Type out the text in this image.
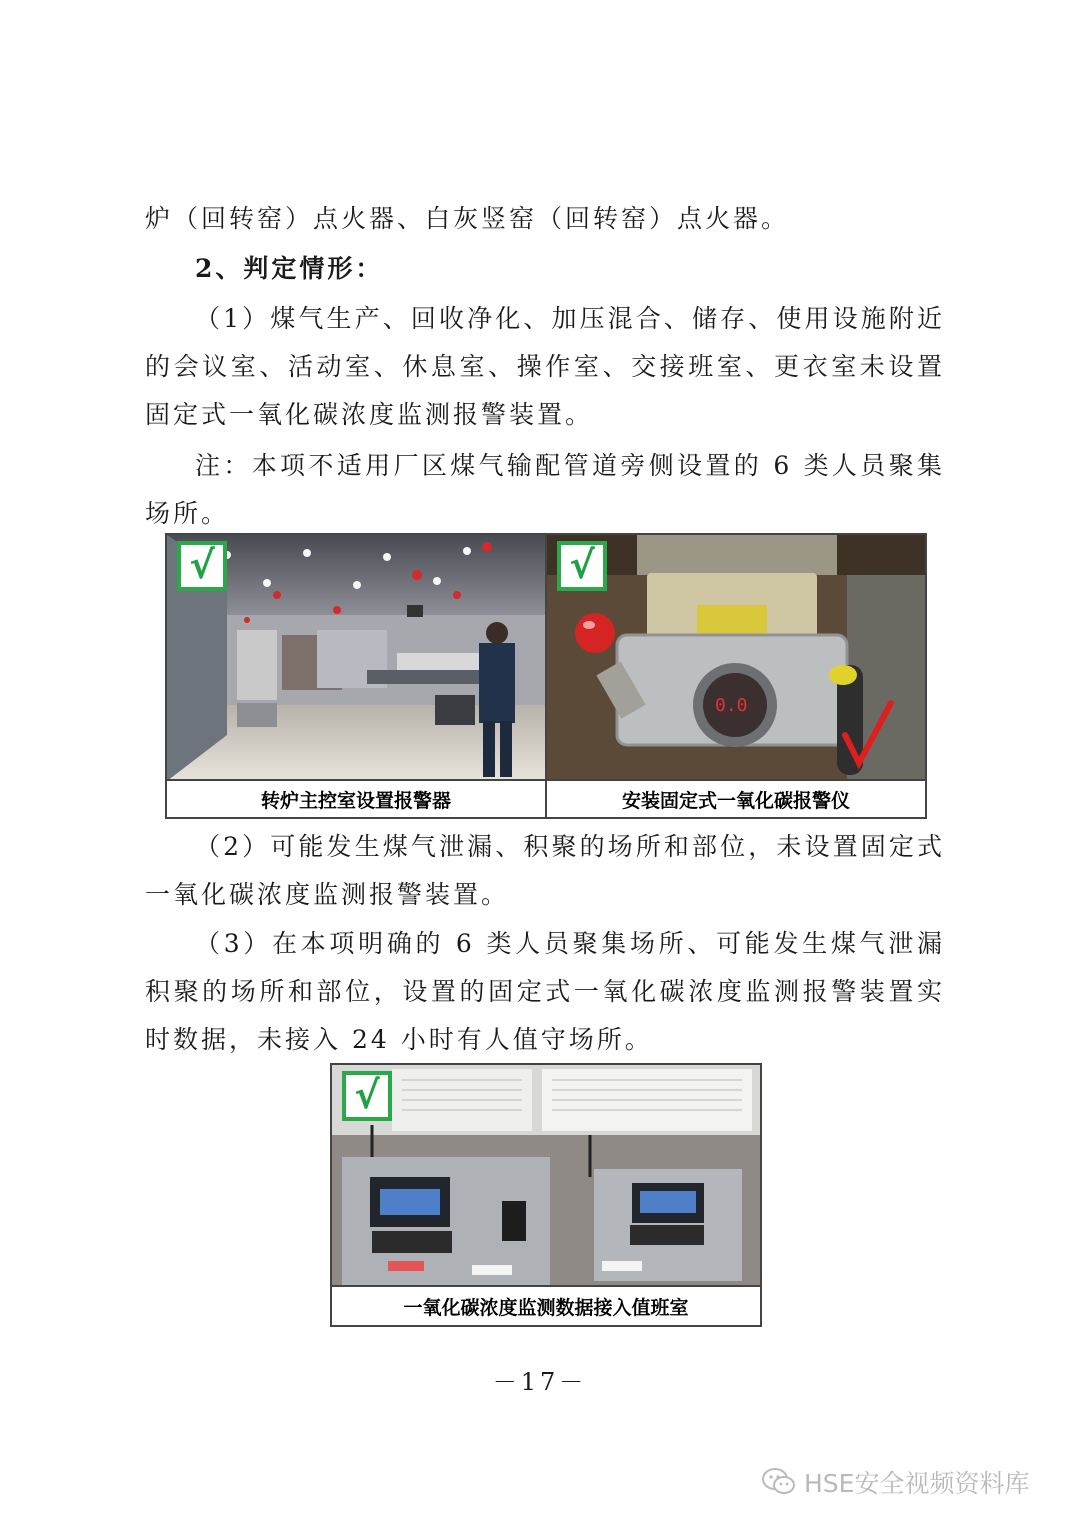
炉（回转窑）点火器、白灰竖窑（回转窑）点火器。

2、判定情形：

（1）煤气生产、回收净化、加压混合、储存、使用设施附近的会议室、活动室、休息室、操作室、交接班室、更衣室未设置固定式一氧化碳浓度监测报警装置。

注：本项不适用厂区煤气输配管道旁侧设置的 6 类人员聚集场所。

√
0.0
√
转炉主控室设置报警器	安装固定式一氧化碳报警仪

（2）可能发生煤气泄漏、积聚的场所和部位，未设置固定式一氧化碳浓度监测报警装置。

（3）在本项明确的 6 类人员聚集场所、可能发生煤气泄漏积聚的场所和部位，设置的固定式一氧化碳浓度监测报警装置实时数据，未接入 24 小时有人值守场所。

√
一氧化碳浓度监测数据接入值班室
－17－
HSE安全视频资料库
